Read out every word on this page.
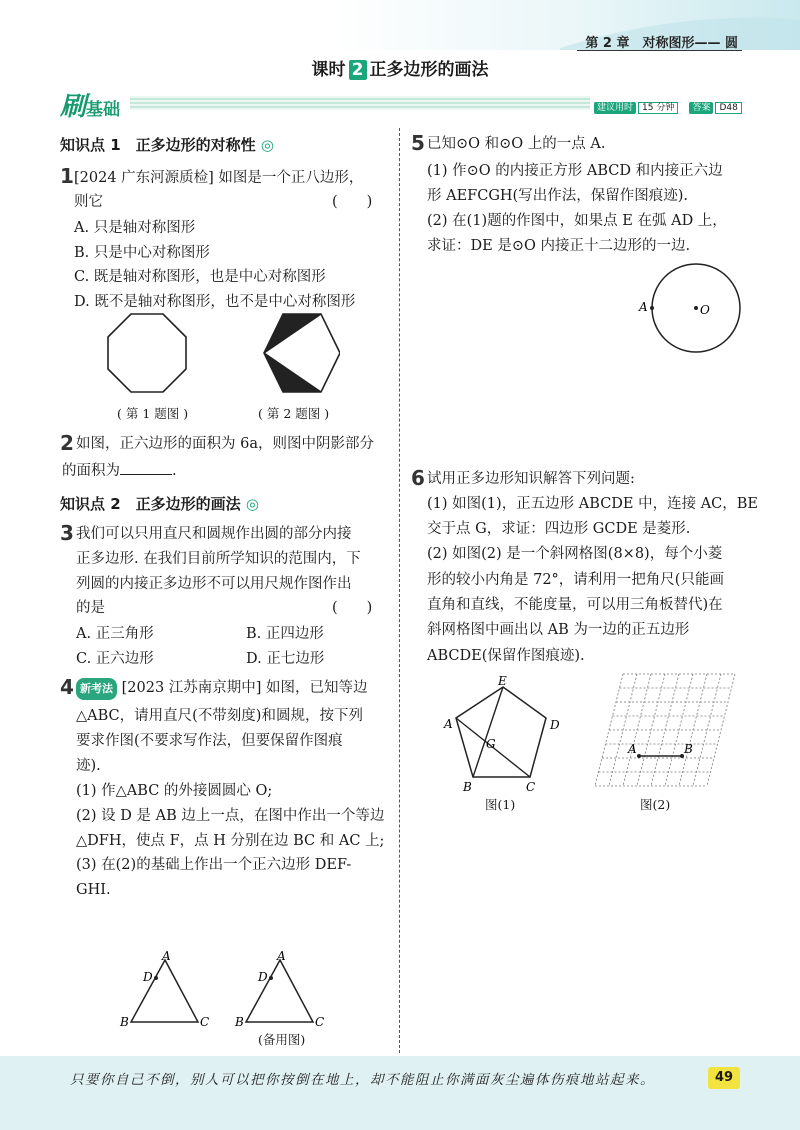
第 2 章　对称图形—— 圆
课时 2 正多边形的画法
刷基础	建议用时 15 分钟 答案 D48
知识点 1　正多边形的对称性 ◎
1 [2024 广东河源质检] 如图是一个正八边形，
则它	(　　)
A. 只是轴对称图形
B. 只是中心对称图形
C. 既是轴对称图形，也是中心对称图形
D. 既不是轴对称图形，也不是中心对称图形
( 第 1 题图 )	( 第 2 题图 )
2 如图，正六边形的面积为 6a，则图中阴影部分
的面积为	.
知识点 2　正多边形的画法 ◎
3 我们可以只用直尺和圆规作出圆的部分内接
正多边形. 在我们目前所学知识的范围内，下
列圆的内接正多边形不可以用尺规作图作出
的是	(　　)
A. 正三角形	B. 正四边形
C. 正六边形	D. 正七边形
4 新考法 [2023 江苏南京期中] 如图，已知等边
△ABC，请用直尺(不带刻度)和圆规，按下列
要求作图(不要求写作法，但要保留作图痕
迹).
(1) 作△ABC 的外接圆圆心 O;
(2) 设 D 是 AB 边上一点，在图中作出一个等边
△DFH，使点 F，点 H 分别在边 BC 和 AC 上;
(3) 在(2)的基础上作出一个正六边形 DEF-
GHI.
A
D
B	C
A
D
B	C
(备用图)
5 已知⊙O 和⊙O 上的一点 A.
(1) 作⊙O 的内接正方形 ABCD 和内接正六边
形 AEFCGH(写出作法，保留作图痕迹).
(2) 在(1)题的作图中，如果点 E 在弧 AD 上，
求证：DE 是⊙O 内接正十二边形的一边.
A	O
6 试用正多边形知识解答下列问题:
(1) 如图(1)，正五边形 ABCDE 中，连接 AC，BE
交于点 G，求证：四边形 GCDE 是菱形.
(2) 如图(2) 是一个斜网格图(8×8)，每个小菱
形的较小内角是 72°，请利用一把角尺(只能画
直角和直线，不能度量，可以用三角板替代)在
斜网格图中画出以 AB 为一边的正五边形
ABCDE(保留作图痕迹).
E
A	D
B	C
G
图(1)
A	B
图(2)
只要你自己不倒，别人可以把你按倒在地上，却不能阻止你满面灰尘遍体伤痕地站起来。	49
